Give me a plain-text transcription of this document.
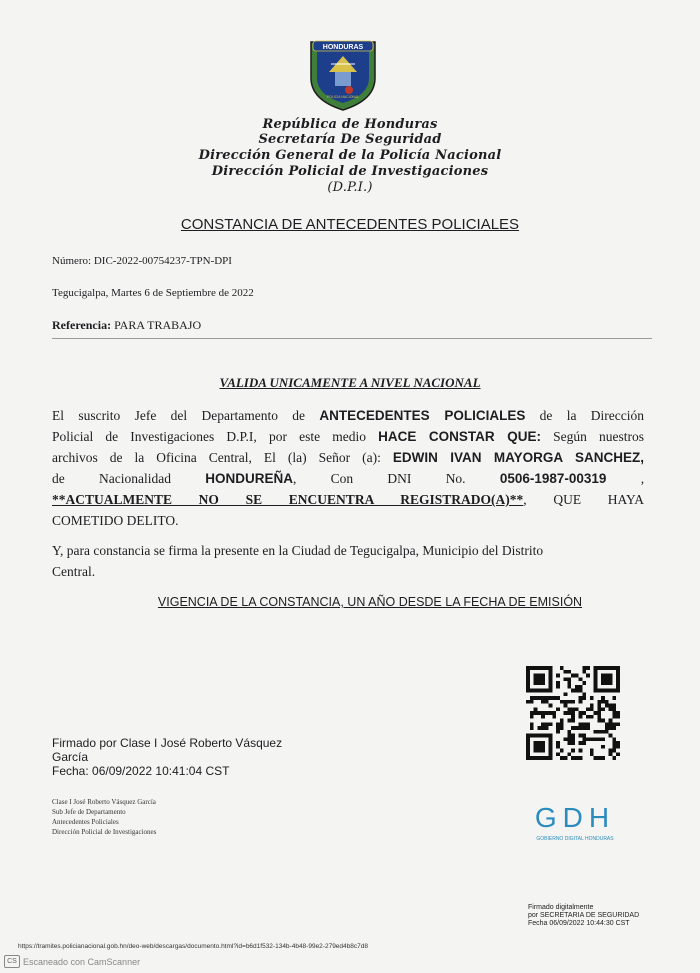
HONDURAS
POLICIA NACIONAL
República de Honduras
Secretaría De Seguridad
Dirección General de la Policía Nacional
Dirección Policial de Investigaciones
(D.P.I.)
CONSTANCIA DE ANTECEDENTES POLICIALES
Número: DIC-2022-00754237-TPN-DPI
Tegucigalpa, Martes 6 de Septiembre de 2022
Referencia: PARA TRABAJO
VALIDA UNICAMENTE A NIVEL NACIONAL
El suscrito Jefe del Departamento de ANTECEDENTES POLICIALES de la Dirección
Policial de Investigaciones D.P.I, por este medio HACE CONSTAR QUE: Según nuestros
archivos de la Oficina Central, El (la) Señor (a): EDWIN IVAN MAYORGA SANCHEZ,
de	Nacionalidad	HONDUREÑA, Con	DNI	No.	0506-1987-00319	,
**ACTUALMENTE NO SE ENCUENTRA REGISTRADO(A)**, QUE HAYA
COMETIDO DELITO.
Y, para constancia se firma la presente en la Ciudad de Tegucigalpa, Municipio del Distrito
Central.
VIGENCIA DE LA CONSTANCIA, UN AÑO DESDE LA FECHA DE EMISIÓN
Firmado por Clase I José Roberto Vásquez
García
Fecha: 06/09/2022 10:41:04 CST
Clase I José Roberto Vásquez García
Sub Jefe de Departamento
Antecedentes Policiales
Dirección Policial de Investigaciones	GDH
GOBIERNO DIGITAL HONDURAS
Firmado digitalmente
por SECRETARIA DE SEGURIDAD
Fecha 06/09/2022 10:44:30 CST
https://tramites.policianacional.gob.hn/deo-web/descargas/documento.html?id=b6d1f532-134b-4b48-99e2-279ed4b8c7d8
CS Escaneado con CamScanner
